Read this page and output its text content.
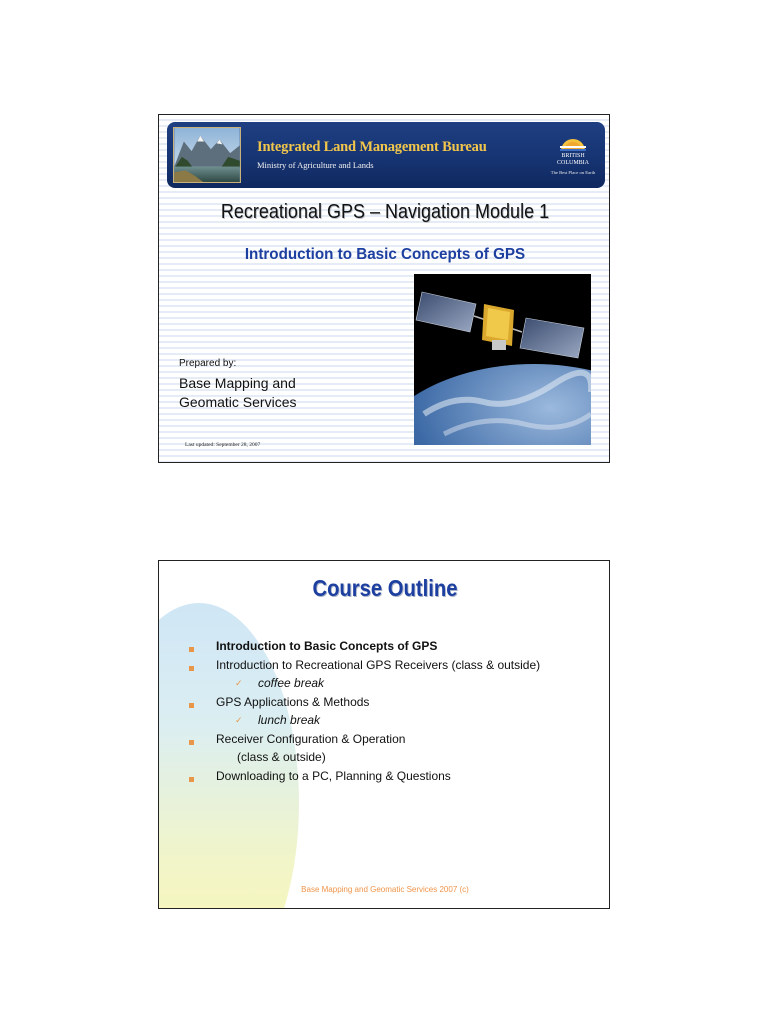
Integrated Land Management Bureau
Ministry of Agriculture and Lands
BRITISH
COLUMBIA
The Best Place on Earth
Recreational GPS – Navigation Module 1
Introduction to Basic Concepts of GPS
Prepared by:
Base Mapping and
Geomatic Services
Last updated: September 28, 2007
Course Outline
Introduction to Basic Concepts of GPS
Introduction to Recreational GPS Receivers (class & outside)
✓ coffee break
GPS Applications & Methods
✓ lunch break
Receiver Configuration & Operation
(class & outside)
Downloading to a PC, Planning & Questions
Base Mapping and Geomatic Services 2007 (c)
